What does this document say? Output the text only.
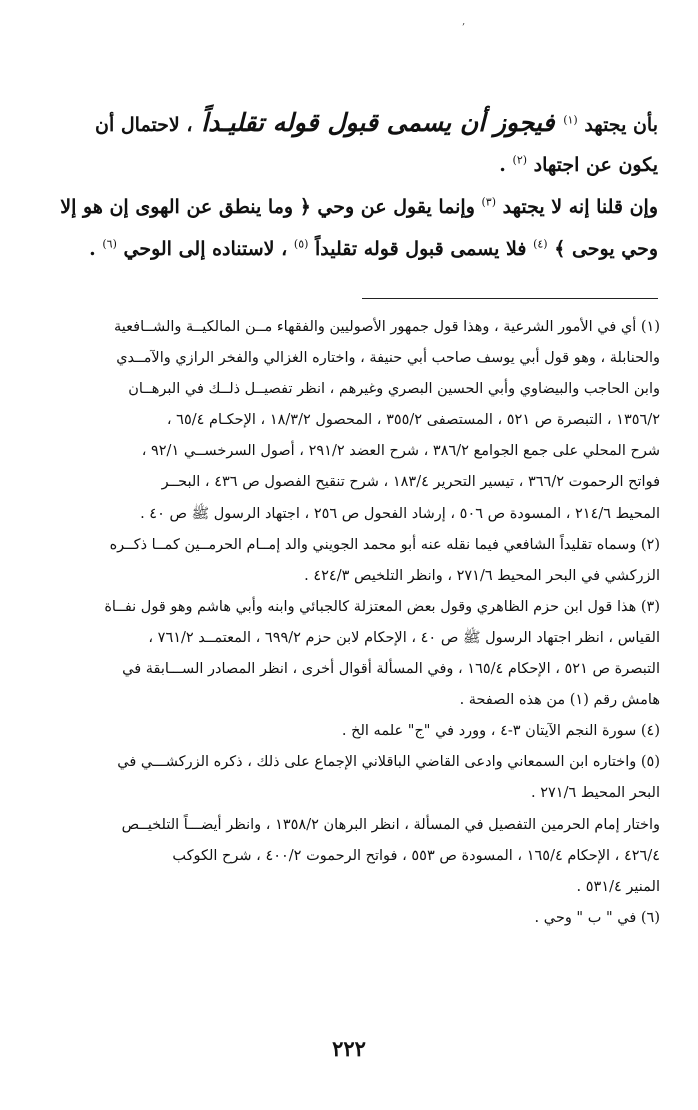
‚
بأن يجتهد $^{(١)}$ فيجوز أن يسمى قبول قوله تقليـداً ، لاحتمال أن
يكون عن اجتهاد $^{(٢)}$ .
وإن قلنا إنه لا يجتهد $^{(٣)}$ وإنما يقول عن وحي ﴿ وما ينطق عن الهوى إن هو إلا
وحي يوحى ﴾ $^{(٤)}$ فلا يسمى قبول قوله تقليداً $^{(٥)}$ ، لاستناده إلى الوحي $^{(٦)}$ .
(١) أي في الأمور الشرعية ، وهذا قول جمهور الأصوليين والفقهاء مــن المالكيــة والشــافعية
والحنابلة ، وهو قول أبي يوسف صاحب أبي حنيفة ، واختاره الغزالي والفخر الرازي والآمــدي
وابن الحاجب والبيضاوي وأبي الحسين البصري وغيرهم ، انظر تفصيــل ذلــك في البرهــان
١٣٥٦/٢ ، التبصرة ص ٥٢١ ، المستصفى ٣٥٥/٢ ، المحصول ١٨/٣/٢ ، الإحكـام ٦٥/٤ ،
شرح المحلي على جمع الجوامع ٣٨٦/٢ ، شرح العضد ٢٩١/٢ ، أصول السرخســي ٩٢/١ ،
فواتح الرحموت ٣٦٦/٢ ، تيسير التحرير ١٨٣/٤ ، شرح تنقيح الفصول ص ٤٣٦ ، البحــر
المحيط ٢١٤/٦ ، المسودة ص ٥٠٦ ، إرشاد الفحول ص ٢٥٦ ، اجتهاد الرسول ﷺ ص ٤٠ .
(٢) وسماه تقليداً الشافعي فيما نقله عنه أبو محمد الجويني والد إمــام الحرمــين كمــا ذكــره
الزركشي في البحر المحيط ٢٧١/٦ ، وانظر التلخيص ٤٢٤/٣ .
(٣) هذا قول ابن حزم الظاهري وقول بعض المعتزلة كالجبائي وابنه وأبي هاشم وهو قول نفــاة
القياس ، انظر اجتهاد الرسول ﷺ ص ٤٠ ، الإحكام لابن حزم ٦٩٩/٢ ، المعتمــد ٧٦١/٢ ،
التبصرة ص ٥٢١ ، الإحكام ١٦٥/٤ ، وفي المسألة أقوال أخرى ، انظر المصادر الســـابقة في
هامش رقم (١) من هذه الصفحة .
(٤) سورة النجم الآيتان ٣-٤ ، وورد في "ج" علمه الخ .
(٥) واختاره ابن السمعاني وادعى القاضي الباقلاني الإجماع على ذلك ، ذكره الزركشـــي في
البحر المحيط ٢٧١/٦ .
واختار إمام الحرمين التفصيل في المسألة ، انظر البرهان ١٣٥٨/٢ ، وانظر أيضـــاً التلخيــص
٤٢٦/٤ ، الإحكام ١٦٥/٤ ، المسودة ص ٥٥٣ ، فواتح الرحموت ٤٠٠/٢ ، شرح الكوكب
المنير ٥٣١/٤ .
(٦) في " ب " وحي .
٢٢٢
